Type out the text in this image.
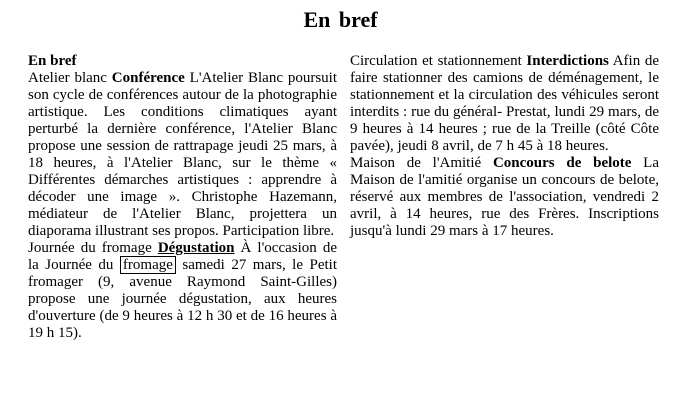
En bref

En bref

Atelier blanc Conférence L'Atelier Blanc poursuit son cycle de conférences autour de la photographie artistique. Les conditions climatiques ayant perturbé la dernière conférence, l'Atelier Blanc propose une session de rattrapage jeudi 25 mars, à 18 heures, à l'Atelier Blanc, sur le thème « Différentes démarches artistiques : apprendre à décoder une image ». Christophe Hazemann, médiateur de l'Atelier Blanc, projettera un diaporama illustrant ses propos. Participation libre.

Journée du fromage Dégustation À l'occasion de la Journée du fromage samedi 27 mars, le Petit fromager (9, avenue Raymond Saint-Gilles) propose une journée dégustation, aux heures d'ouverture (de 9 heures à 12 h 30 et de 16 heures à 19 h 15).

Circulation et stationnement Interdictions Afin de faire stationner des camions de déménagement, le stationnement et la circulation des véhicules seront interdits : rue du général- Prestat, lundi 29 mars, de 9 heures à 14 heures ; rue de la Treille (côté Côte pavée), jeudi 8 avril, de 7 h 45 à 18 heures.

Maison de l'Amitié Concours de belote La Maison de l'amitié organise un concours de belote, réservé aux membres de l'association, vendredi 2 avril, à 14 heures, rue des Frères. Inscriptions jusqu'à lundi 29 mars à 17 heures.
